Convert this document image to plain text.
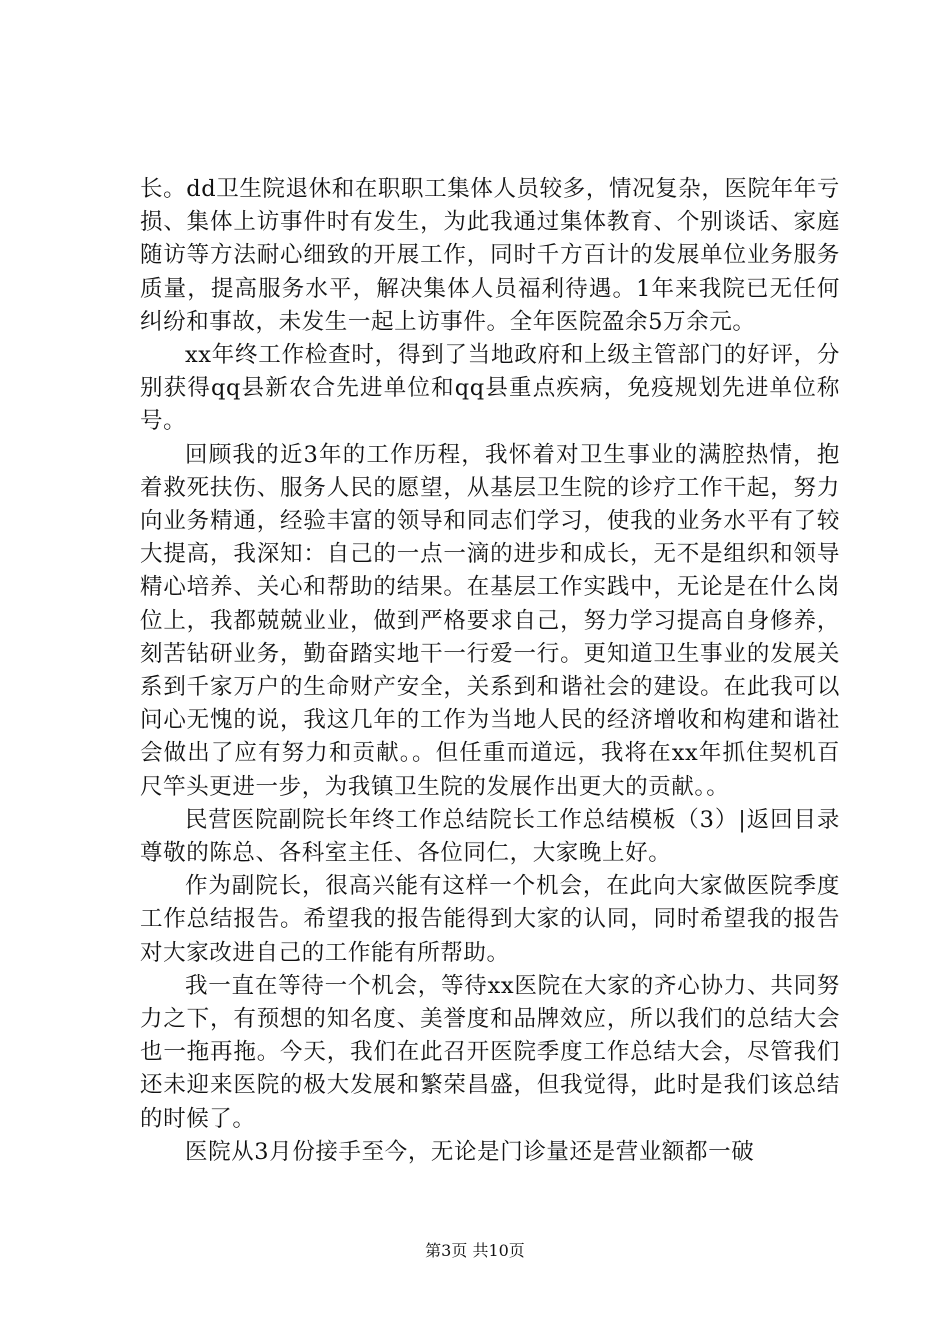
长。dd卫生院退休和在职职工集体人员较多，情况复杂，医院年年亏损、集体上访事件时有发生，为此我通过集体教育、个别谈话、家庭随访等方法耐心细致的开展工作，同时千方百计的发展单位业务服务质量，提高服务水平，解决集体人员福利待遇。1年来我院已无任何纠纷和事故，未发生一起上访事件。全年医院盈余5万余元。

xx年终工作检查时，得到了当地政府和上级主管部门的好评，分别获得qq县新农合先进单位和qq县重点疾病，免疫规划先进单位称号。

回顾我的近3年的工作历程，我怀着对卫生事业的满腔热情，抱着救死扶伤、服务人民的愿望，从基层卫生院的诊疗工作干起，努力向业务精通，经验丰富的领导和同志们学习，使我的业务水平有了较大提高，我深知：自己的一点一滴的进步和成长，无不是组织和领导精心培养、关心和帮助的结果。在基层工作实践中，无论是在什么岗位上，我都兢兢业业，做到严格要求自己，努力学习提高自身修养，刻苦钻研业务，勤奋踏实地干一行爱一行。更知道卫生事业的发展关系到千家万户的生命财产安全，关系到和谐社会的建设。在此我可以问心无愧的说，我这几年的工作为当地人民的经济增收和构建和谐社会做出了应有努力和贡献。。但任重而道远，我将在xx年抓住契机百尺竿头更进一步，为我镇卫生院的发展作出更大的贡献。。

民营医院副院长年终工作总结院长工作总结模板（3）|返回目录尊敬的陈总、各科室主任、各位同仁，大家晚上好。

作为副院长，很高兴能有这样一个机会，在此向大家做医院季度工作总结报告。希望我的报告能得到大家的认同，同时希望我的报告对大家改进自己的工作能有所帮助。

我一直在等待一个机会，等待xx医院在大家的齐心协力、共同努力之下，有预想的知名度、美誉度和品牌效应，所以我们的总结大会也一拖再拖。今天，我们在此召开医院季度工作总结大会，尽管我们还未迎来医院的极大发展和繁荣昌盛，但我觉得，此时是我们该总结的时候了。

医院从3月份接手至今，无论是门诊量还是营业额都一破

第3页 共10页
